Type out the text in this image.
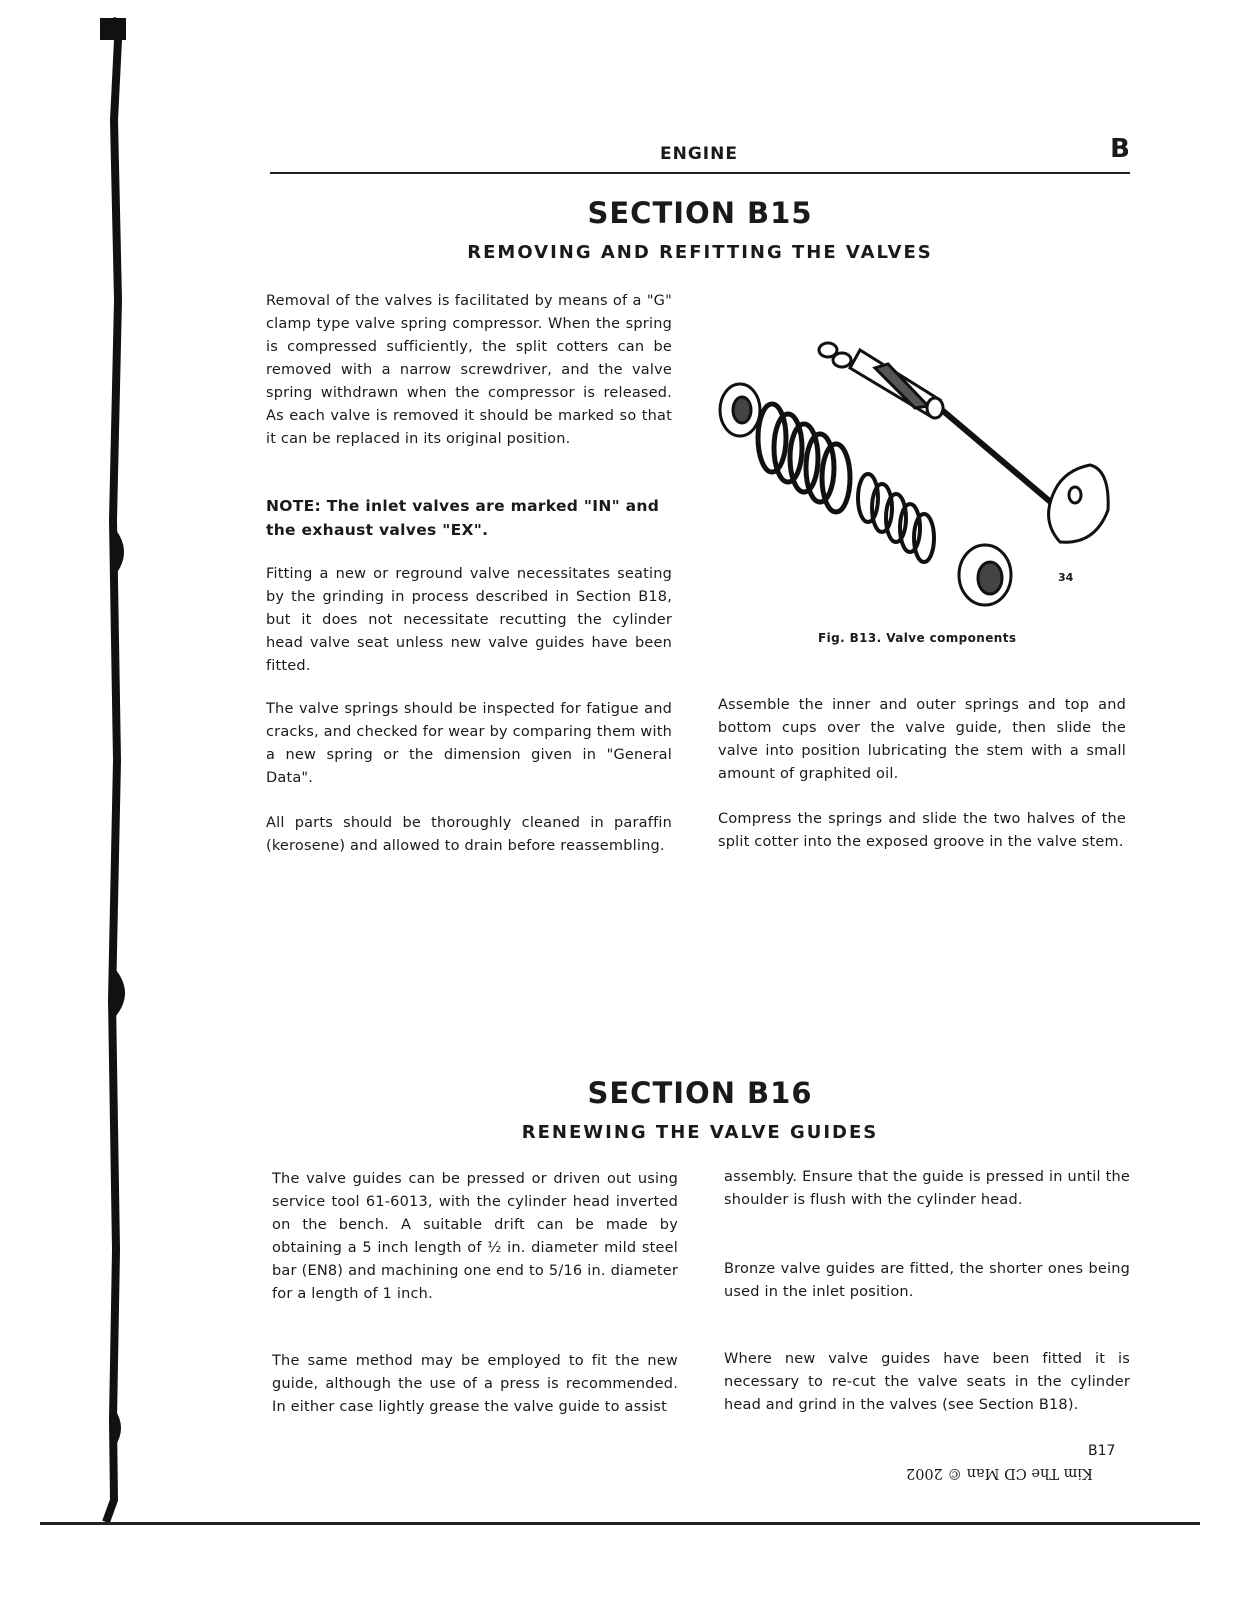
ENGINE	B
SECTION B15
REMOVING AND REFITTING THE VALVES

Removal of the valves is facilitated by means of a "G" clamp type valve spring compressor. When the spring is compressed sufficiently, the split cotters can be removed with a narrow screwdriver, and the valve spring withdrawn when the compressor is released. As each valve is removed it should be marked so that it can be replaced in its original position.

NOTE: The inlet valves are marked "IN" and the exhaust valves "EX".

Fitting a new or reground valve necessitates seating by the grinding in process described in Section B18, but it does not necessitate recutting the cylinder head valve seat unless new valve guides have been fitted.

The valve springs should be inspected for fatigue and cracks, and checked for wear by comparing them with a new spring or the dimension given in "General Data".

All parts should be thoroughly cleaned in paraffin (kerosene) and allowed to drain before reassembling.

34
Fig. B13. Valve components

Assemble the inner and outer springs and top and bottom cups over the valve guide, then slide the valve into position lubricating the stem with a small amount of graphited oil.

Compress the springs and slide the two halves of the split cotter into the exposed groove in the valve stem.

SECTION B16
RENEWING THE VALVE GUIDES

The valve guides can be pressed or driven out using service tool 61-6013, with the cylinder head inverted on the bench. A suitable drift can be made by obtaining a 5 inch length of ½ in. diameter mild steel bar (EN8) and machining one end to 5/16 in. diameter for a length of 1 inch.

The same method may be employed to fit the new guide, although the use of a press is recommended. In either case lightly grease the valve guide to assist

assembly. Ensure that the guide is pressed in until the shoulder is flush with the cylinder head.

Bronze valve guides are fitted, the shorter ones being used in the inlet position.

Where new valve guides have been fitted it is necessary to re-cut the valve seats in the cylinder head and grind in the valves (see Section B18).

B17
Kim The CD Man © 2002
